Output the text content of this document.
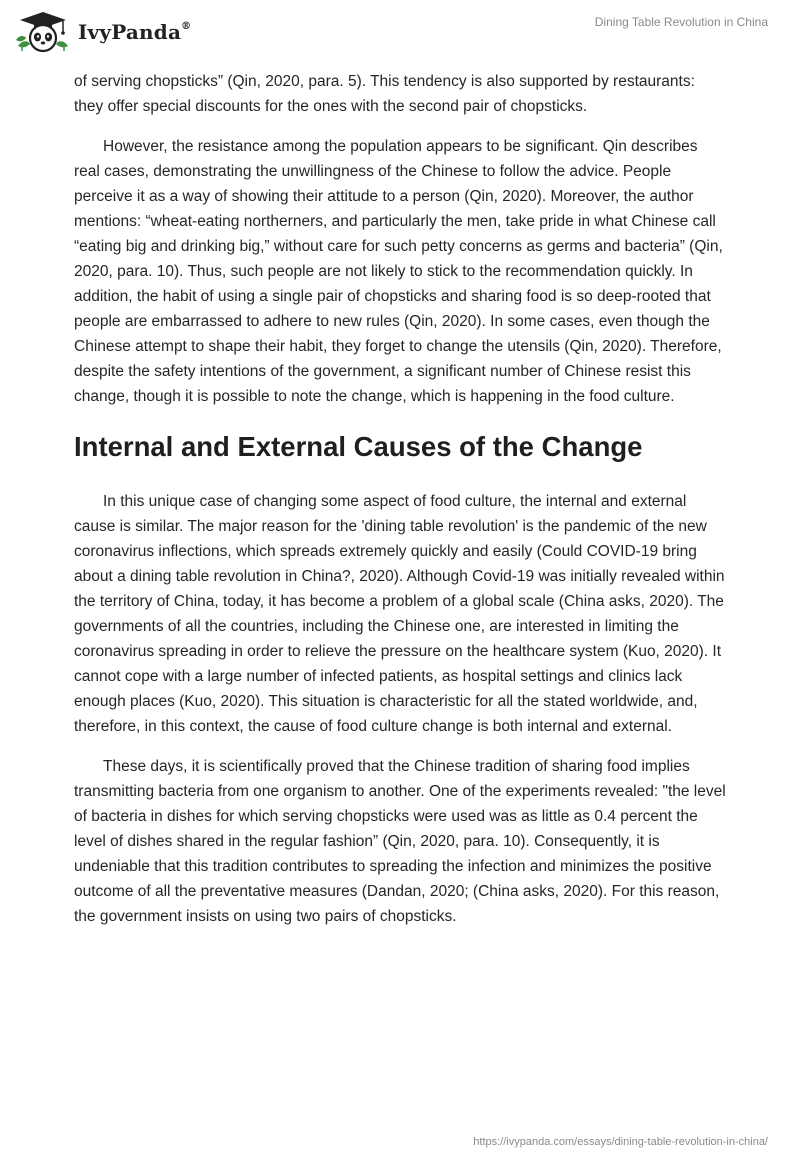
IvyPanda®	Dining Table Revolution in China

of serving chopsticks” (Qin, 2020, para. 5). This tendency is also supported by restaurants: they offer special discounts for the ones with the second pair of chopsticks.

However, the resistance among the population appears to be significant. Qin describes real cases, demonstrating the unwillingness of the Chinese to follow the advice. People perceive it as a way of showing their attitude to a person (Qin, 2020). Moreover, the author mentions: “wheat-eating northerners, and particularly the men, take pride in what Chinese call “eating big and drinking big,” without care for such petty concerns as germs and bacteria” (Qin, 2020, para. 10). Thus, such people are not likely to stick to the recommendation quickly. In addition, the habit of using a single pair of chopsticks and sharing food is so deep-rooted that people are embarrassed to adhere to new rules (Qin, 2020). In some cases, even though the Chinese attempt to shape their habit, they forget to change the utensils (Qin, 2020). Therefore, despite the safety intentions of the government, a significant number of Chinese resist this change, though it is possible to note the change, which is happening in the food culture.

Internal and External Causes of the Change

In this unique case of changing some aspect of food culture, the internal and external cause is similar. The major reason for the 'dining table revolution' is the pandemic of the new coronavirus inflections, which spreads extremely quickly and easily (Could COVID-19 bring about a dining table revolution in China?, 2020). Although Covid-19 was initially revealed within the territory of China, today, it has become a problem of a global scale (China asks, 2020). The governments of all the countries, including the Chinese one, are interested in limiting the coronavirus spreading in order to relieve the pressure on the healthcare system (Kuo, 2020). It cannot cope with a large number of infected patients, as hospital settings and clinics lack enough places (Kuo, 2020). This situation is characteristic for all the stated worldwide, and, therefore, in this context, the cause of food culture change is both internal and external.

These days, it is scientifically proved that the Chinese tradition of sharing food implies transmitting bacteria from one organism to another. One of the experiments revealed: "the level of bacteria in dishes for which serving chopsticks were used was as little as 0.4 percent the level of dishes shared in the regular fashion” (Qin, 2020, para. 10). Consequently, it is undeniable that this tradition contributes to spreading the infection and minimizes the positive outcome of all the preventative measures (Dandan, 2020; (China asks, 2020). For this reason, the government insists on using two pairs of chopsticks.

https://ivypanda.com/essays/dining-table-revolution-in-china/
